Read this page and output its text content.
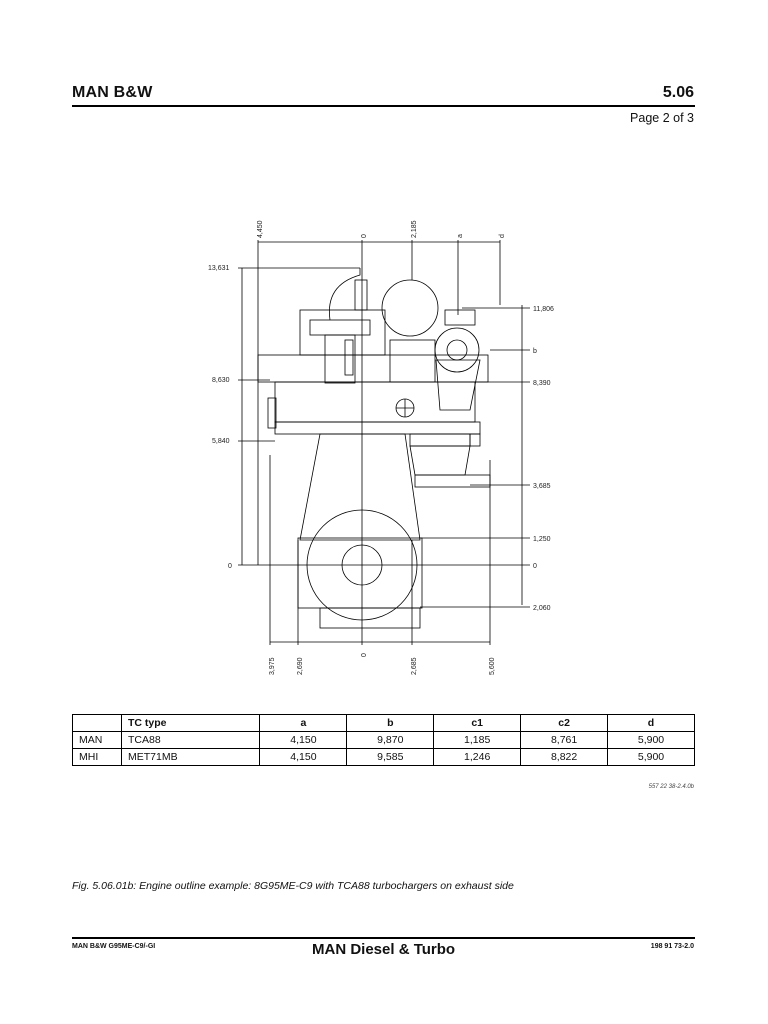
MAN B&W	5.06
Page 2 of 3
4,450	0	2,185	a	d
13,631
8,630
5,840
0
11,806
b
8,390
3,685
1,250
0
2,060
3,975	2,690
0
2,685	5,600
	TC type	a	b	c1	c2	d
MAN	TCA88	4,150	9,870	1,185	8,761	5,900
MHI	MET71MB	4,150	9,585	1,246	8,822	5,900
557 22 38-2.4.0b
Fig. 5.06.01b: Engine outline example: 8G95ME-C9 with TCA88 turbochargers on exhaust side
MAN B&W G95ME-C9/-GI	MAN Diesel & Turbo	198 91 73-2.0
